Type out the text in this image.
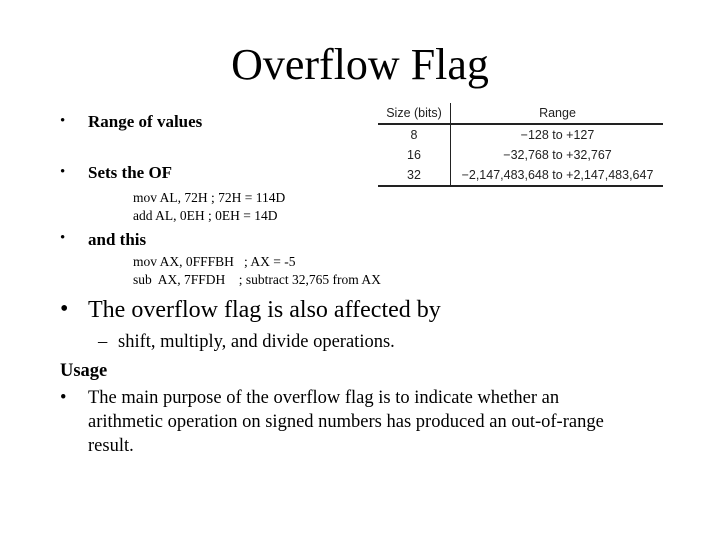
Overflow Flag
• Range of values
• Sets the OF
mov AL, 72H ; 72H = 114D
add AL, 0EH ; 0EH = 14D
• and this
mov AX, 0FFFBH   ; AX = -5
sub  AX, 7FFDH    ; subtract 32,765 from AX
• The overflow flag is also affected by
– shift, multiply, and divide operations.
Usage
• The main purpose of the overflow flag is to indicate whether an
arithmetic operation on signed numbers has produced an out-of-range
result.
Size (bits)	Range
8	−128 to +127
16	−32,768 to +32,767
32	−2,147,483,648 to +2,147,483,647
